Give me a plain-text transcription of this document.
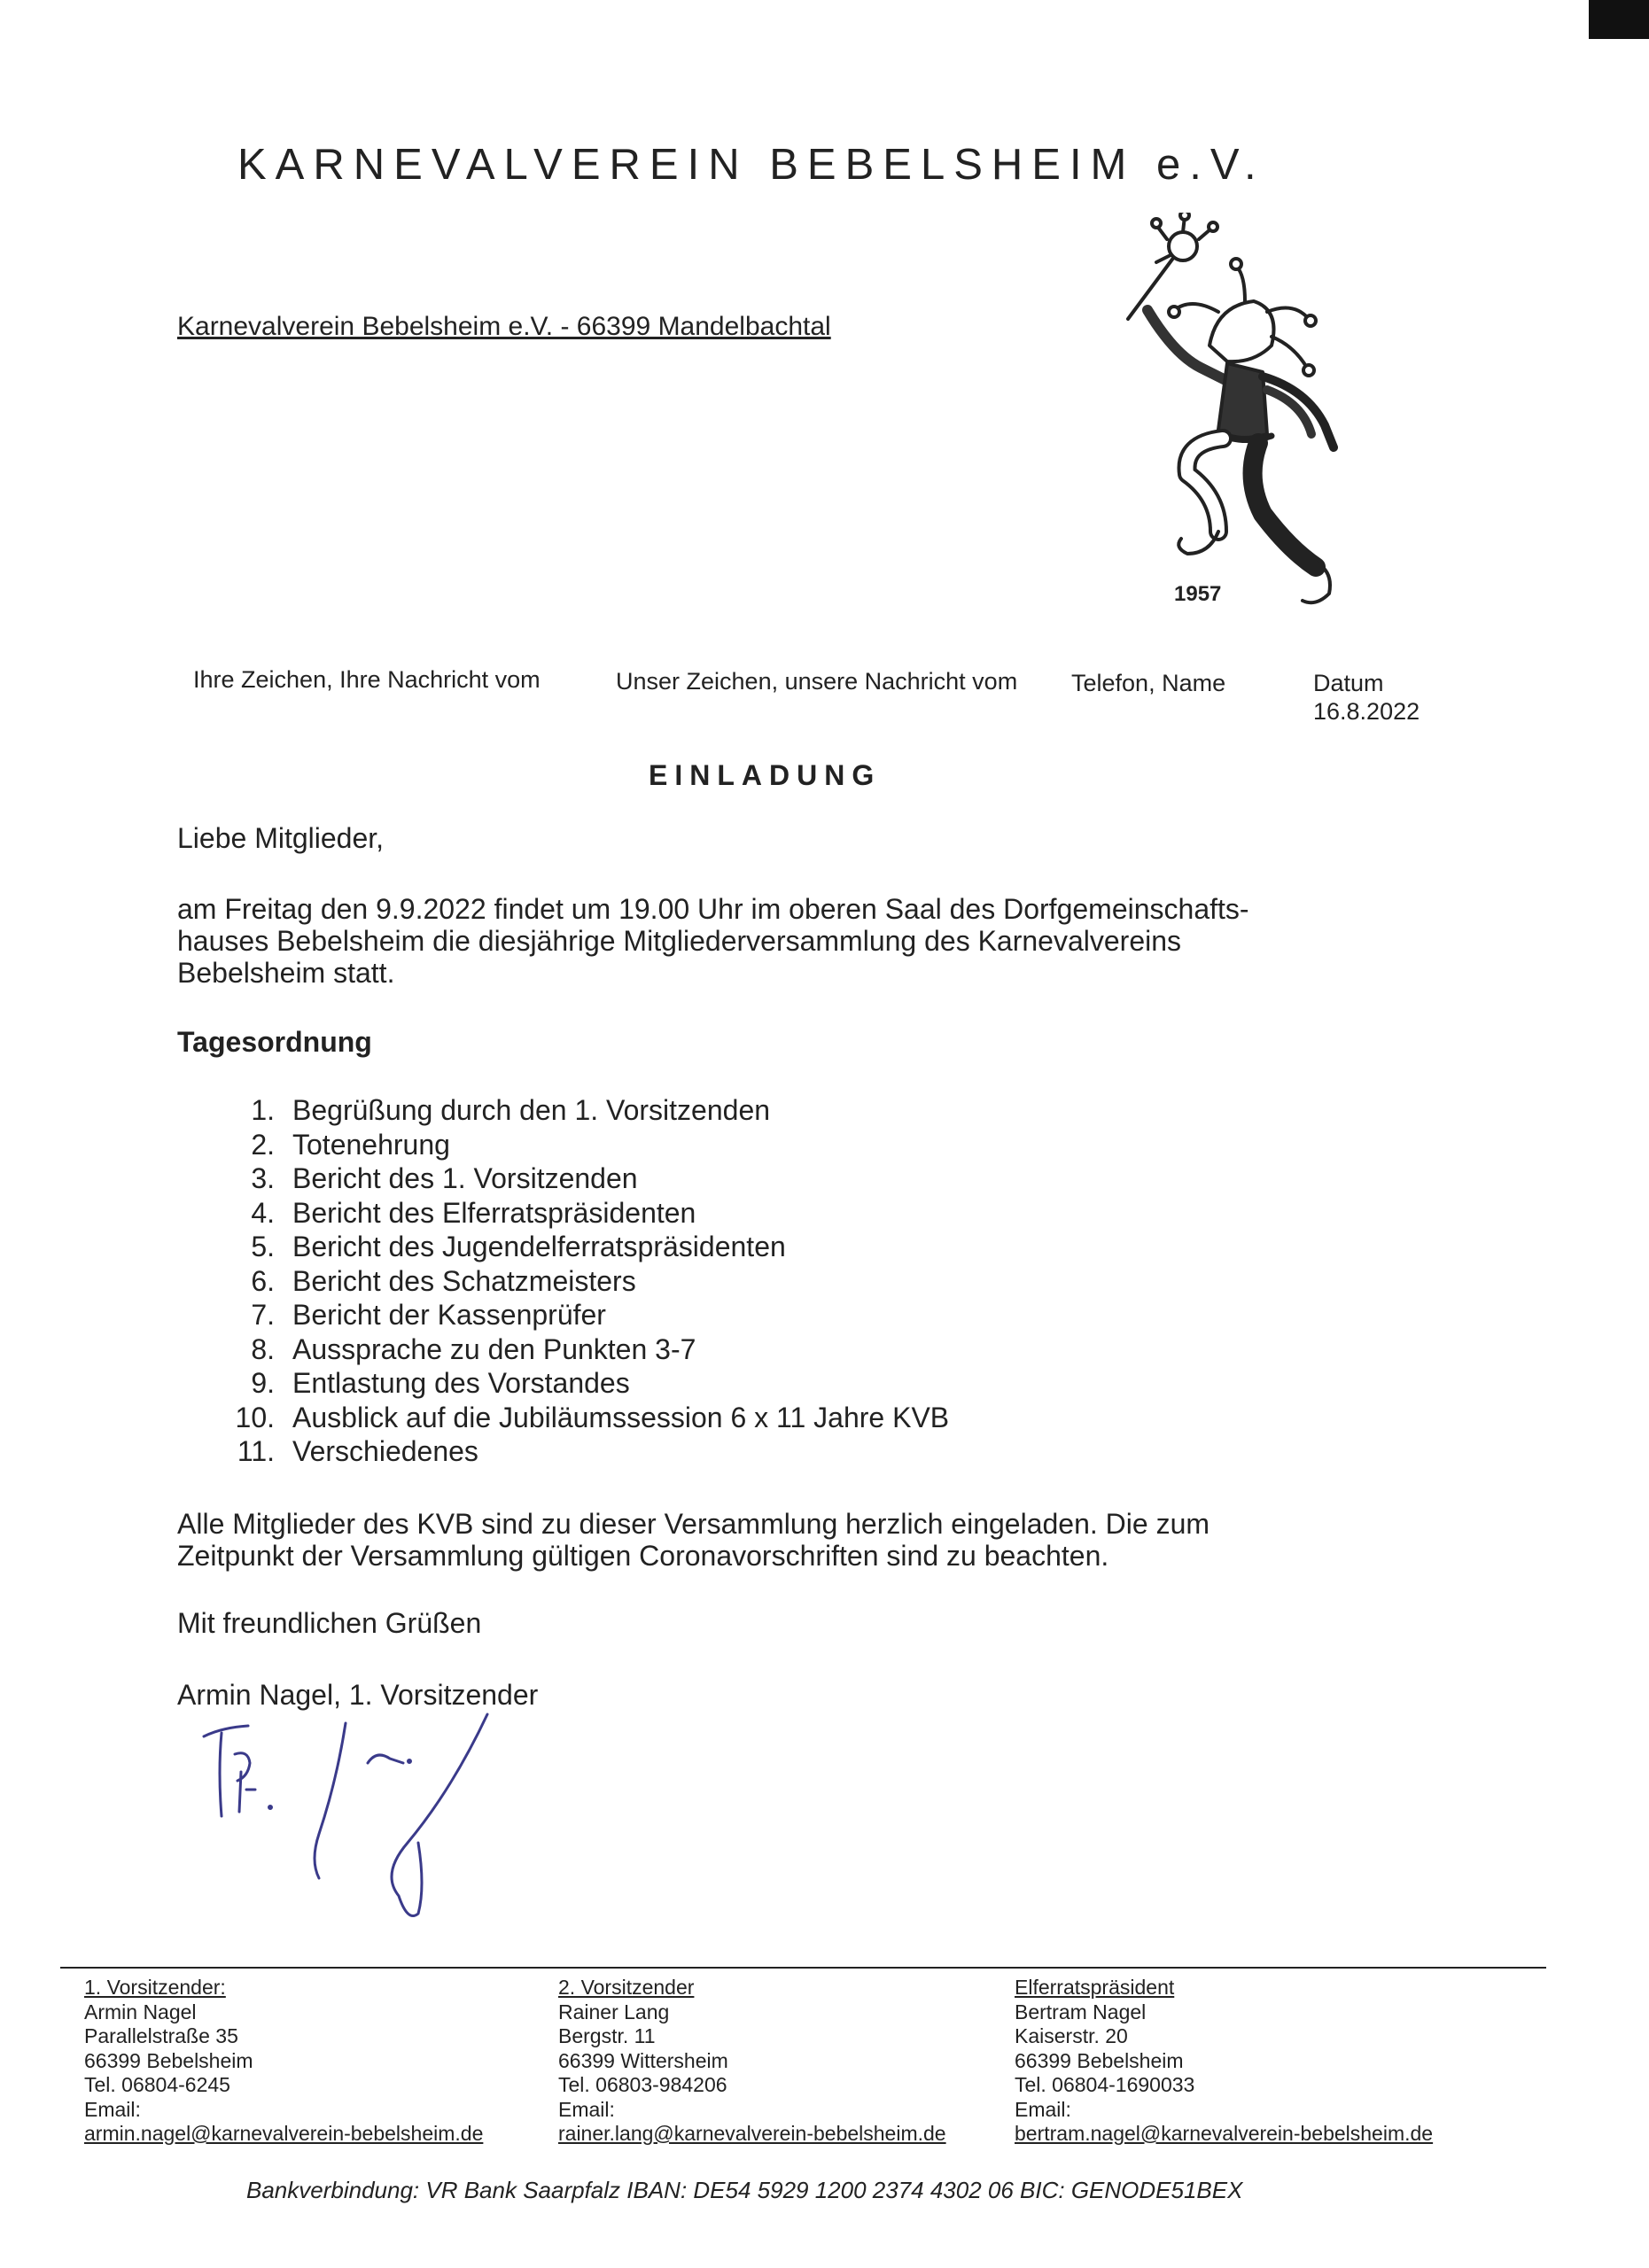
KARNEVALVEREIN BEBELSHEIM e.V.
Karnevalverein Bebelsheim e.V. - 66399 Mandelbachtal
1957
Ihre Zeichen, Ihre Nachricht vom	Unser Zeichen, unsere Nachricht vom Telefon, Name	Datum
16.8.2022
EINLADUNG
Liebe Mitglieder,
am Freitag den 9.9.2022 findet um 19.00 Uhr im oberen Saal des Dorfgemeinschafts-
hauses Bebelsheim die diesjährige Mitgliederversammlung des Karnevalvereins
Bebelsheim statt.
Tagesordnung
1. Begrüßung durch den 1. Vorsitzenden
2. Totenehrung
3. Bericht des 1. Vorsitzenden
4. Bericht des Elferratspräsidenten
5. Bericht des Jugendelferratspräsidenten
6. Bericht des Schatzmeisters
7. Bericht der Kassenprüfer
8. Aussprache zu den Punkten 3-7
9. Entlastung des Vorstandes
10. Ausblick auf die Jubiläumssession 6 x 11 Jahre KVB
11. Verschiedenes
Alle Mitglieder des KVB sind zu dieser Versammlung herzlich eingeladen. Die zum
Zeitpunkt der Versammlung gültigen Coronavorschriften sind zu beachten.
Mit freundlichen Grüßen
Armin Nagel, 1. Vorsitzender
1. Vorsitzender:
Armin Nagel
Parallelstraße 35
66399 Bebelsheim
Tel. 06804-6245
Email:
armin.nagel@karnevalverein-bebelsheim.de
2. Vorsitzender
Rainer Lang
Bergstr. 11
66399 Wittersheim
Tel. 06803-984206
Email:
rainer.lang@karnevalverein-bebelsheim.de
Elferratspräsident
Bertram Nagel
Kaiserstr. 20
66399 Bebelsheim
Tel. 06804-1690033
Email:
bertram.nagel@karnevalverein-bebelsheim.de
Bankverbindung: VR Bank Saarpfalz IBAN: DE54 5929 1200 2374 4302 06 BIC: GENODE51BEX
